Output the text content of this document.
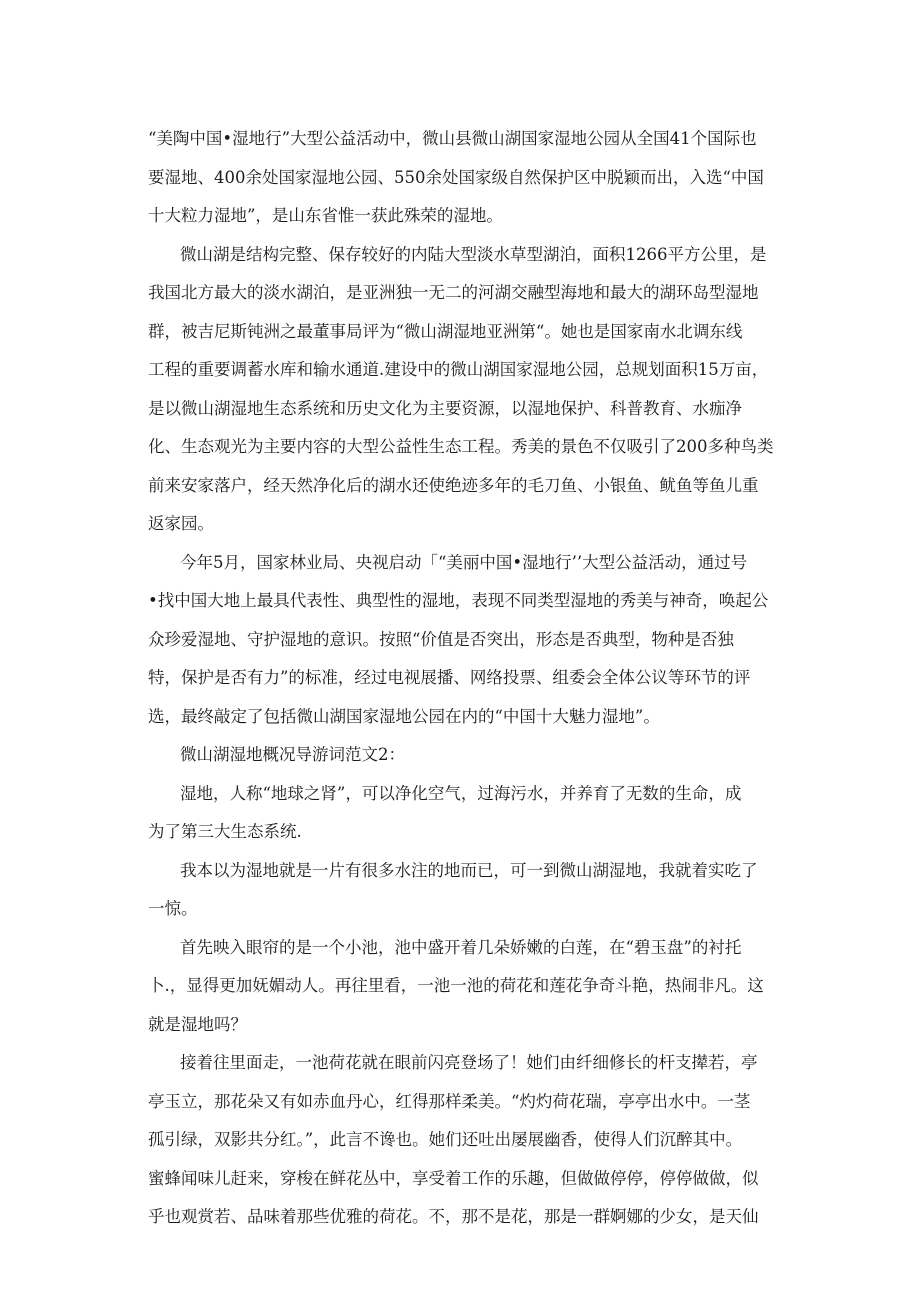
“美陶中国•湿地行”大型公益活动中，微山县微山湖国家湿地公园从全国41个国际也
要湿地、400余处国家湿地公园、550余处国家级自然保护区中脱颖而出，入选“中国
十大粒力湿地”，是山东省惟一获此殊荣的湿地。
微山湖是结构完整、保存较好的内陆大型淡水草型湖泊，面积1266平方公里，是
我国北方最大的淡水湖泊，是亚洲独一无二的河湖交融型海地和最大的湖环岛型湿地
群，被吉尼斯钝洲之最董事局评为“微山湖湿地亚洲第“。她也是国家南水北调东线
工程的重要调蓄水库和输水通道.建设中的微山湖国家湿地公园，总规划面积15万亩，
是以微山湖湿地生态系统和历史文化为主要资源，以湿地保护、科普教育、水痂净
化、生态观光为主要内容的大型公益性生态工程。秀美的景色不仅吸引了200多种鸟类
前来安家落户，经天然净化后的湖水还使绝迹多年的毛刀鱼、小银鱼、鱿鱼等鱼儿重
返家园。
今年5月，国家林业局、央视启动「“美丽中国•湿地行’’大型公益活动，通过号
•找中国大地上最具代表性、典型性的湿地，表现不同类型湿地的秀美与神奇，唤起公
众珍爱湿地、守护湿地的意识。按照“价值是否突出，形态是否典型，物种是否独
特，保护是否有力”的标准，经过电视展播、网络投票、组委会全体公议等环节的评
选，最终敲定了包括微山湖国家湿地公园在内的“中国十大魅力湿地”。
微山湖湿地概况导游词范文2：
湿地，人称“地球之肾”，可以净化空气，过海污水，并养育了无数的生命，成
为了第三大生态系统.
我本以为湿地就是一片有很多水注的地而已，可一到微山湖湿地，我就着实吃了
一惊。
首先映入眼帘的是一个小池，池中盛开着几朵娇嫩的白莲，在“碧玉盘”的衬托
卜.，显得更加妩媚动人。再往里看，一池一池的荷花和莲花争奇斗艳，热闹非凡。这
就是湿地吗？
接着往里面走，一池荷花就在眼前闪亮登场了！她们由纤细修长的杆支撵若，亭
亭玉立，那花朵又有如赤血丹心，红得那样柔美。“灼灼荷花瑞，亭亭出水中。一茎
孤引绿，双影共分红。”，此言不谗也。她们还吐出屡展幽香，使得人们沉醉其中。
蜜蜂闻味儿赶来，穿梭在鲜花丛中，享受着工作的乐趣，但做做停停，停停做做，似
乎也观赏若、品味着那些优雅的荷花。不，那不是花，那是一群婀娜的少女，是天仙
